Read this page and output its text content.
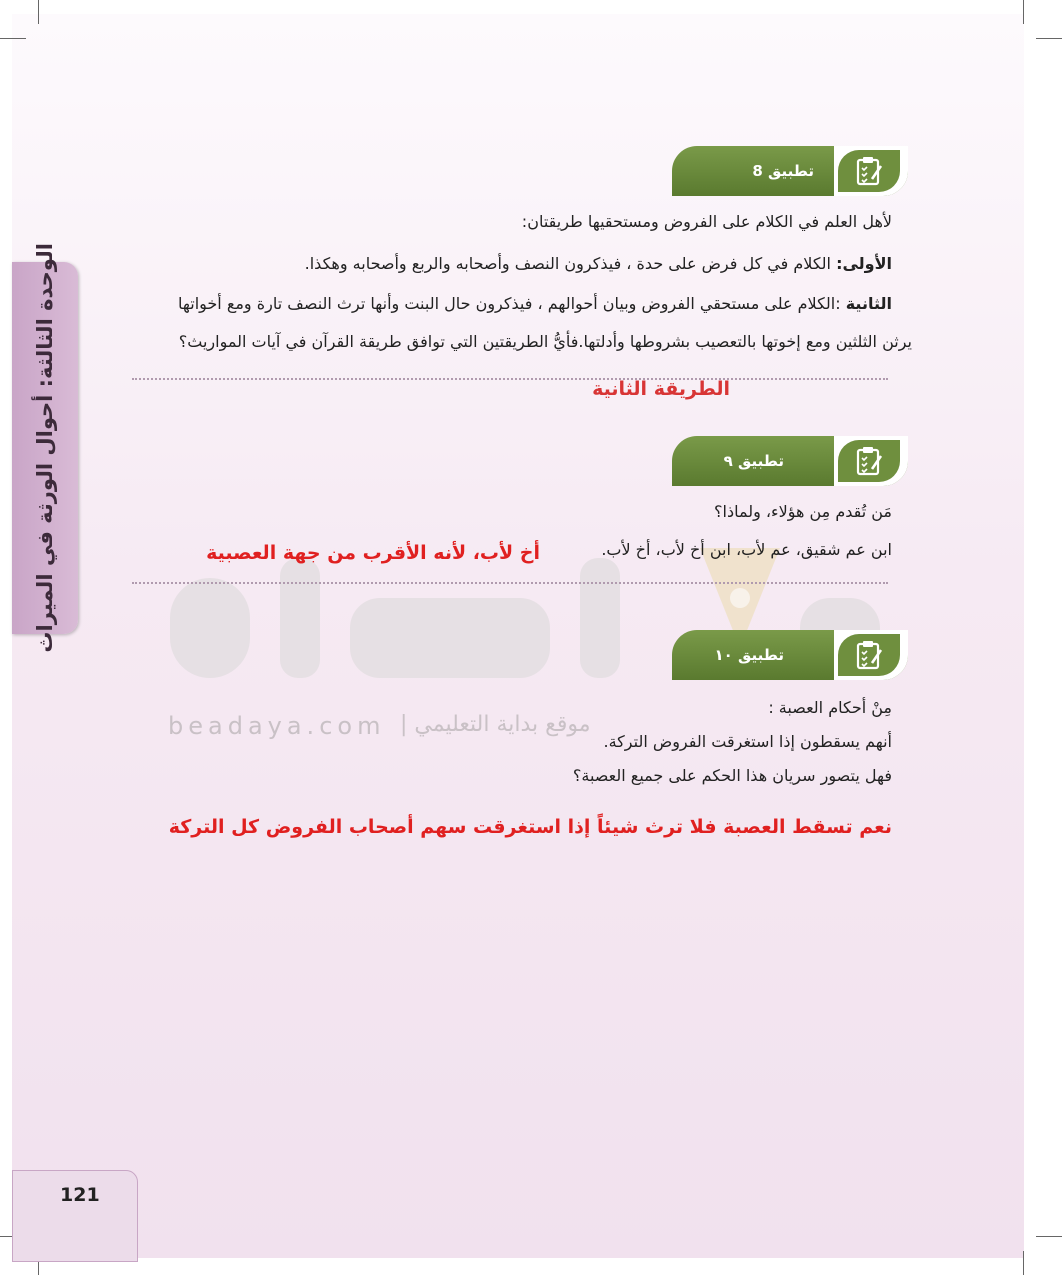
beadaya.com موقع بداية التعليمي |
الوحدة الثالثة: أحوال الورثة في الميراث
121
تطبيق 8
لأهل العلم في الكلام على الفروض ومستحقيها طريقتان:
الأولى: الكلام في كل فرض على حدة ، فيذكرون النصف وأصحابه والربع وأصحابه وهكذا.
الثانية :الكلام على مستحقي الفروض وبيان أحوالهم ، فيذكرون حال البنت وأنها ترث النصف تارة ومع أخواتها
يرثن الثلثين ومع إخوتها بالتعصيب بشروطها وأدلتها.فأيُّ الطريقتين التي توافق طريقة القرآن في آيات المواريث؟
الطريقة الثانية
تطبيق ٩
مَن تُقدم مِن هؤلاء، ولماذا؟
ابن عم شقيق، عم لأب، ابن أخ لأب، أخ لأب.
أخ لأب، لأنه الأقرب من جهة العصبية
تطبيق ١٠
مِنْ أحكام العصبة :
أنهم يسقطون إذا استغرقت الفروض التركة.
فهل يتصور سريان هذا الحكم على جميع العصبة؟
نعم تسقط العصبة فلا ترث شيئاً إذا استغرقت سهم أصحاب الفروض كل التركة
